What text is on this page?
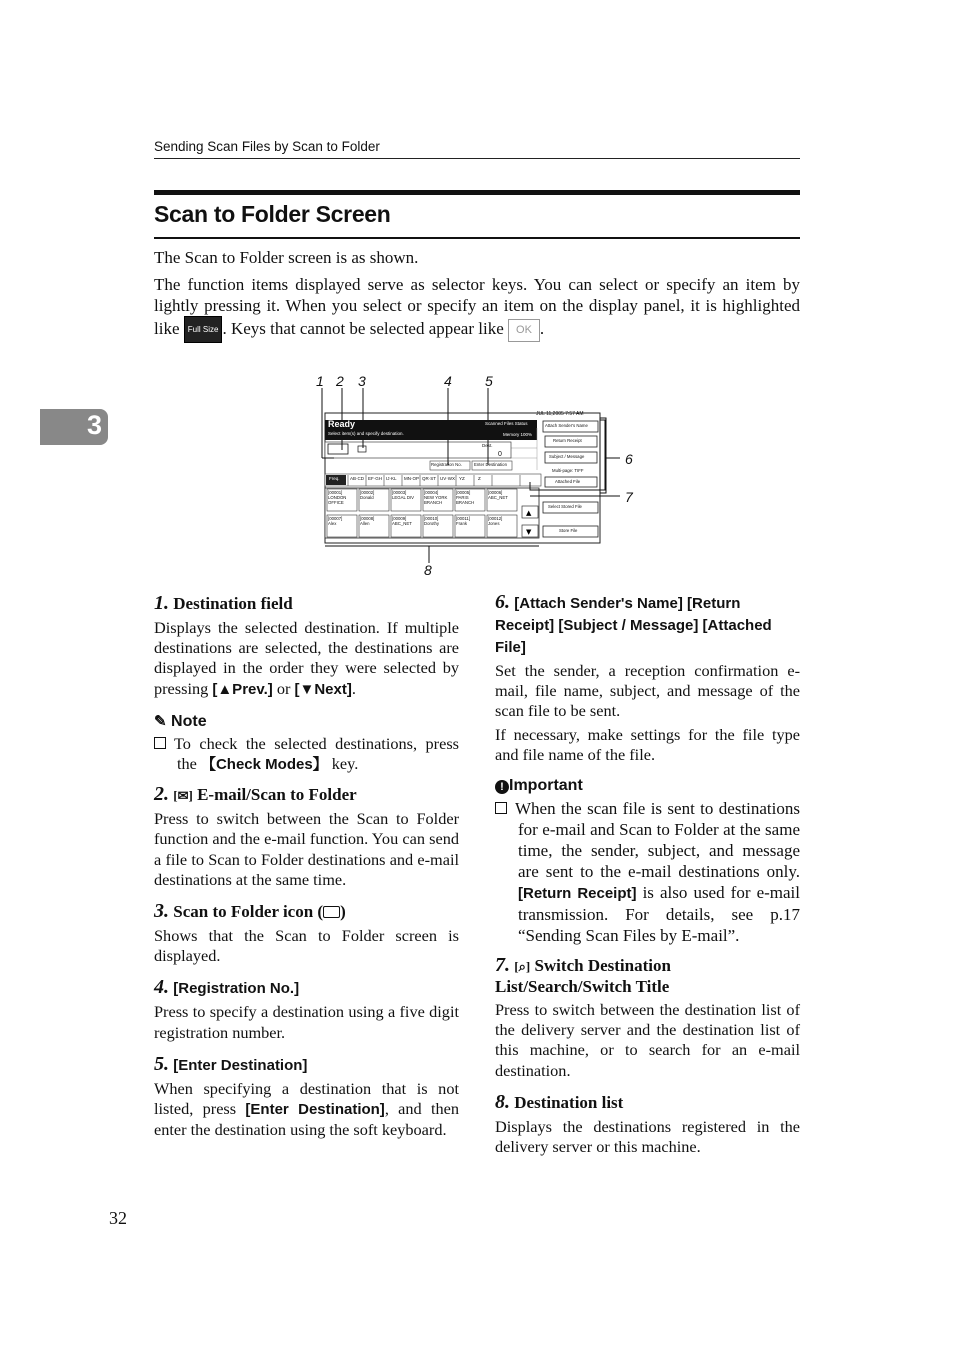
Sending Scan Files by Scan to Folder
Scan to Folder Screen
The Scan to Folder screen is as shown.
The function items displayed serve as selector keys. You can select or specify an item by lightly pressing it. When you select or specify an item on the display panel, it is highlighted like Full Size . Keys that cannot be selected appear like OK .
3
▲
▼
1 2 3	4 5
6
7
8
JUL 11,2005 7:57 AM
Ready
Select item(s) and specify destination.
Scanned Files Status
Memory 100%
Dest.
0
Registration No.	Enter Destination
Attach Sender's Name
Return Receipt
Subject / Message
Multi-page: TIFF
Attached File
Select Stored File
Store File
Freq. AB·CD EF·GH IJ·KL MN·OP QR·ST UV·WX YZ	Z
[00001]
LONDON OFFICE
[00002]
Donald
[00003]
LEGAL DIV
[00004]
NEW YORK BRANCH
[00005]
PARIS BRANCH
[00006]
ABC_NET
[00007]
Alex
[00008]
Allen
[00009]
ABC_NET
[00010]
Dorothy
[00011]
Frank
[00012]
Jones
1. Destination field
Displays the selected destination. If multiple destinations are selected, the destinations are displayed in the order they were selected by pressing [▲Prev.] or [▼Next].
✎ Note
To check the selected destinations, press the 【Check Modes】 key.
2. [✉] E-mail/Scan to Folder
Press to switch between the Scan to Folder function and the e-mail function. You can send a file to Scan to Folder destinations and e-mail destinations at the same time.
3. Scan to Folder icon ( )
Shows that the Scan to Folder screen is displayed.
4. [Registration No.]
Press to specify a destination using a five digit registration number.
5. [Enter Destination]
When specifying a destination that is not listed, press [Enter Destination], and then enter the destination using the soft keyboard.
6. [Attach Sender's Name] [Return Receipt] [Subject / Message] [Attached File]
Set the sender, a reception confirmation e-mail, file name, subject, and message of the scan file to be sent.
If necessary, make settings for the file type and file name of the file.
! Important
When the scan file is sent to destinations for e-mail and Scan to Folder at the same time, the sender, subject, and message are sent to the e-mail destinations only. [Return Receipt] is also used for e-mail transmission. For details, see p.17 “Sending Scan Files by E-mail”.
7. [⌕] Switch Destination List/Search/Switch Title
Press to switch between the destination list of the delivery server and the destination list of this machine, or to search for an e-mail destination.
8. Destination list
Displays the destinations registered in the delivery server or this machine.
32
